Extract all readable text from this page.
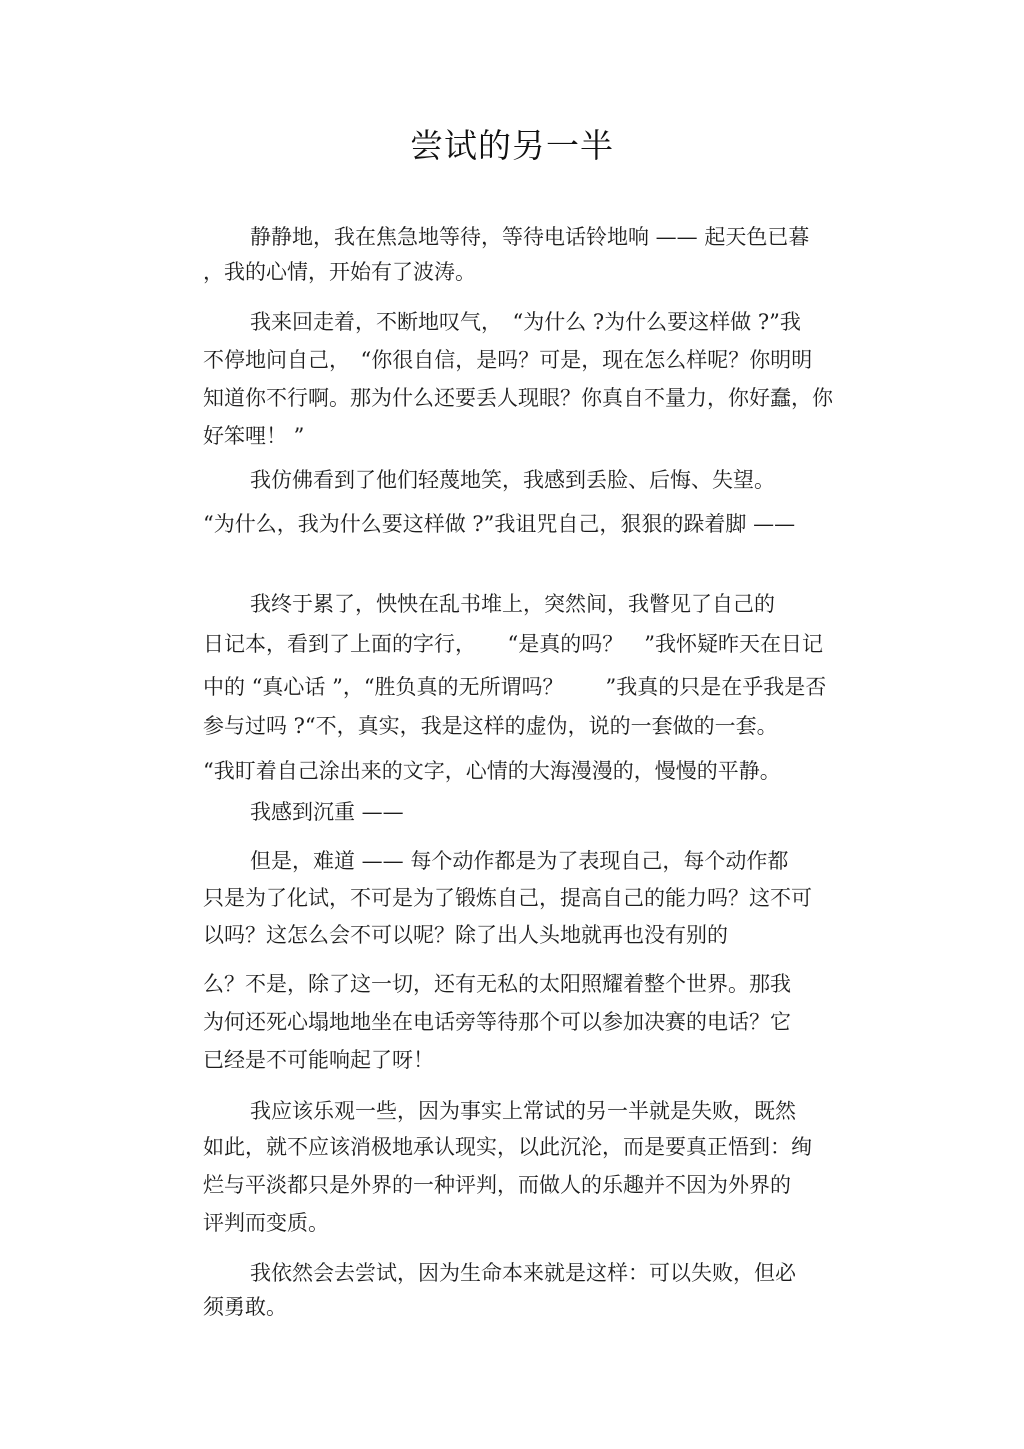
尝试的另一半
静静地，我在焦急地等待，等待电话铃地响 —— 起天色已暮
，我的心情，开始有了波涛。
我来回走着，不断地叹气，　“为什么 ?为什么要这样做 ?”我
不停地问自己，　“你很自信，是吗？可是，现在怎么样呢？你明明
知道你不行啊。那为什么还要丢人现眼？你真自不量力，你好蠢，你
好笨哩！ ”
我仿佛看到了他们轻蔑地笑，我感到丢脸、后悔、失望。
“为什么，我为什么要这样做 ?”我诅咒自己，狠狠的跺着脚 ——
我终于累了，怏怏在乱书堆上，突然间，我瞥见了自己的
日记本，看到了上面的字行，　　“是真的吗？　”我怀疑昨天在日记
中的 “真心话 ”，“胜负真的无所谓吗？　　”我真的只是在乎我是否
参与过吗 ?“不，真实，我是这样的虚伪，说的一套做的一套。
“我盯着自己涂出来的文字，心情的大海漫漫的，慢慢的平静。
我感到沉重 ——
但是，难道 —— 每个动作都是为了表现自己，每个动作都
只是为了化试，不可是为了锻炼自己，提高自己的能力吗？这不可
以吗？这怎么会不可以呢？除了出人头地就再也没有别的
么？不是，除了这一切，还有无私的太阳照耀着整个世界。那我
为何还死心塌地地坐在电话旁等待那个可以参加决赛的电话？它
已经是不可能响起了呀！
我应该乐观一些，因为事实上常试的另一半就是失败，既然
如此，就不应该消极地承认现实，以此沉沦，而是要真正悟到：绚
烂与平淡都只是外界的一种评判，而做人的乐趣并不因为外界的
评判而变质。
我依然会去尝试，因为生命本来就是这样：可以失败，但必
须勇敢。
